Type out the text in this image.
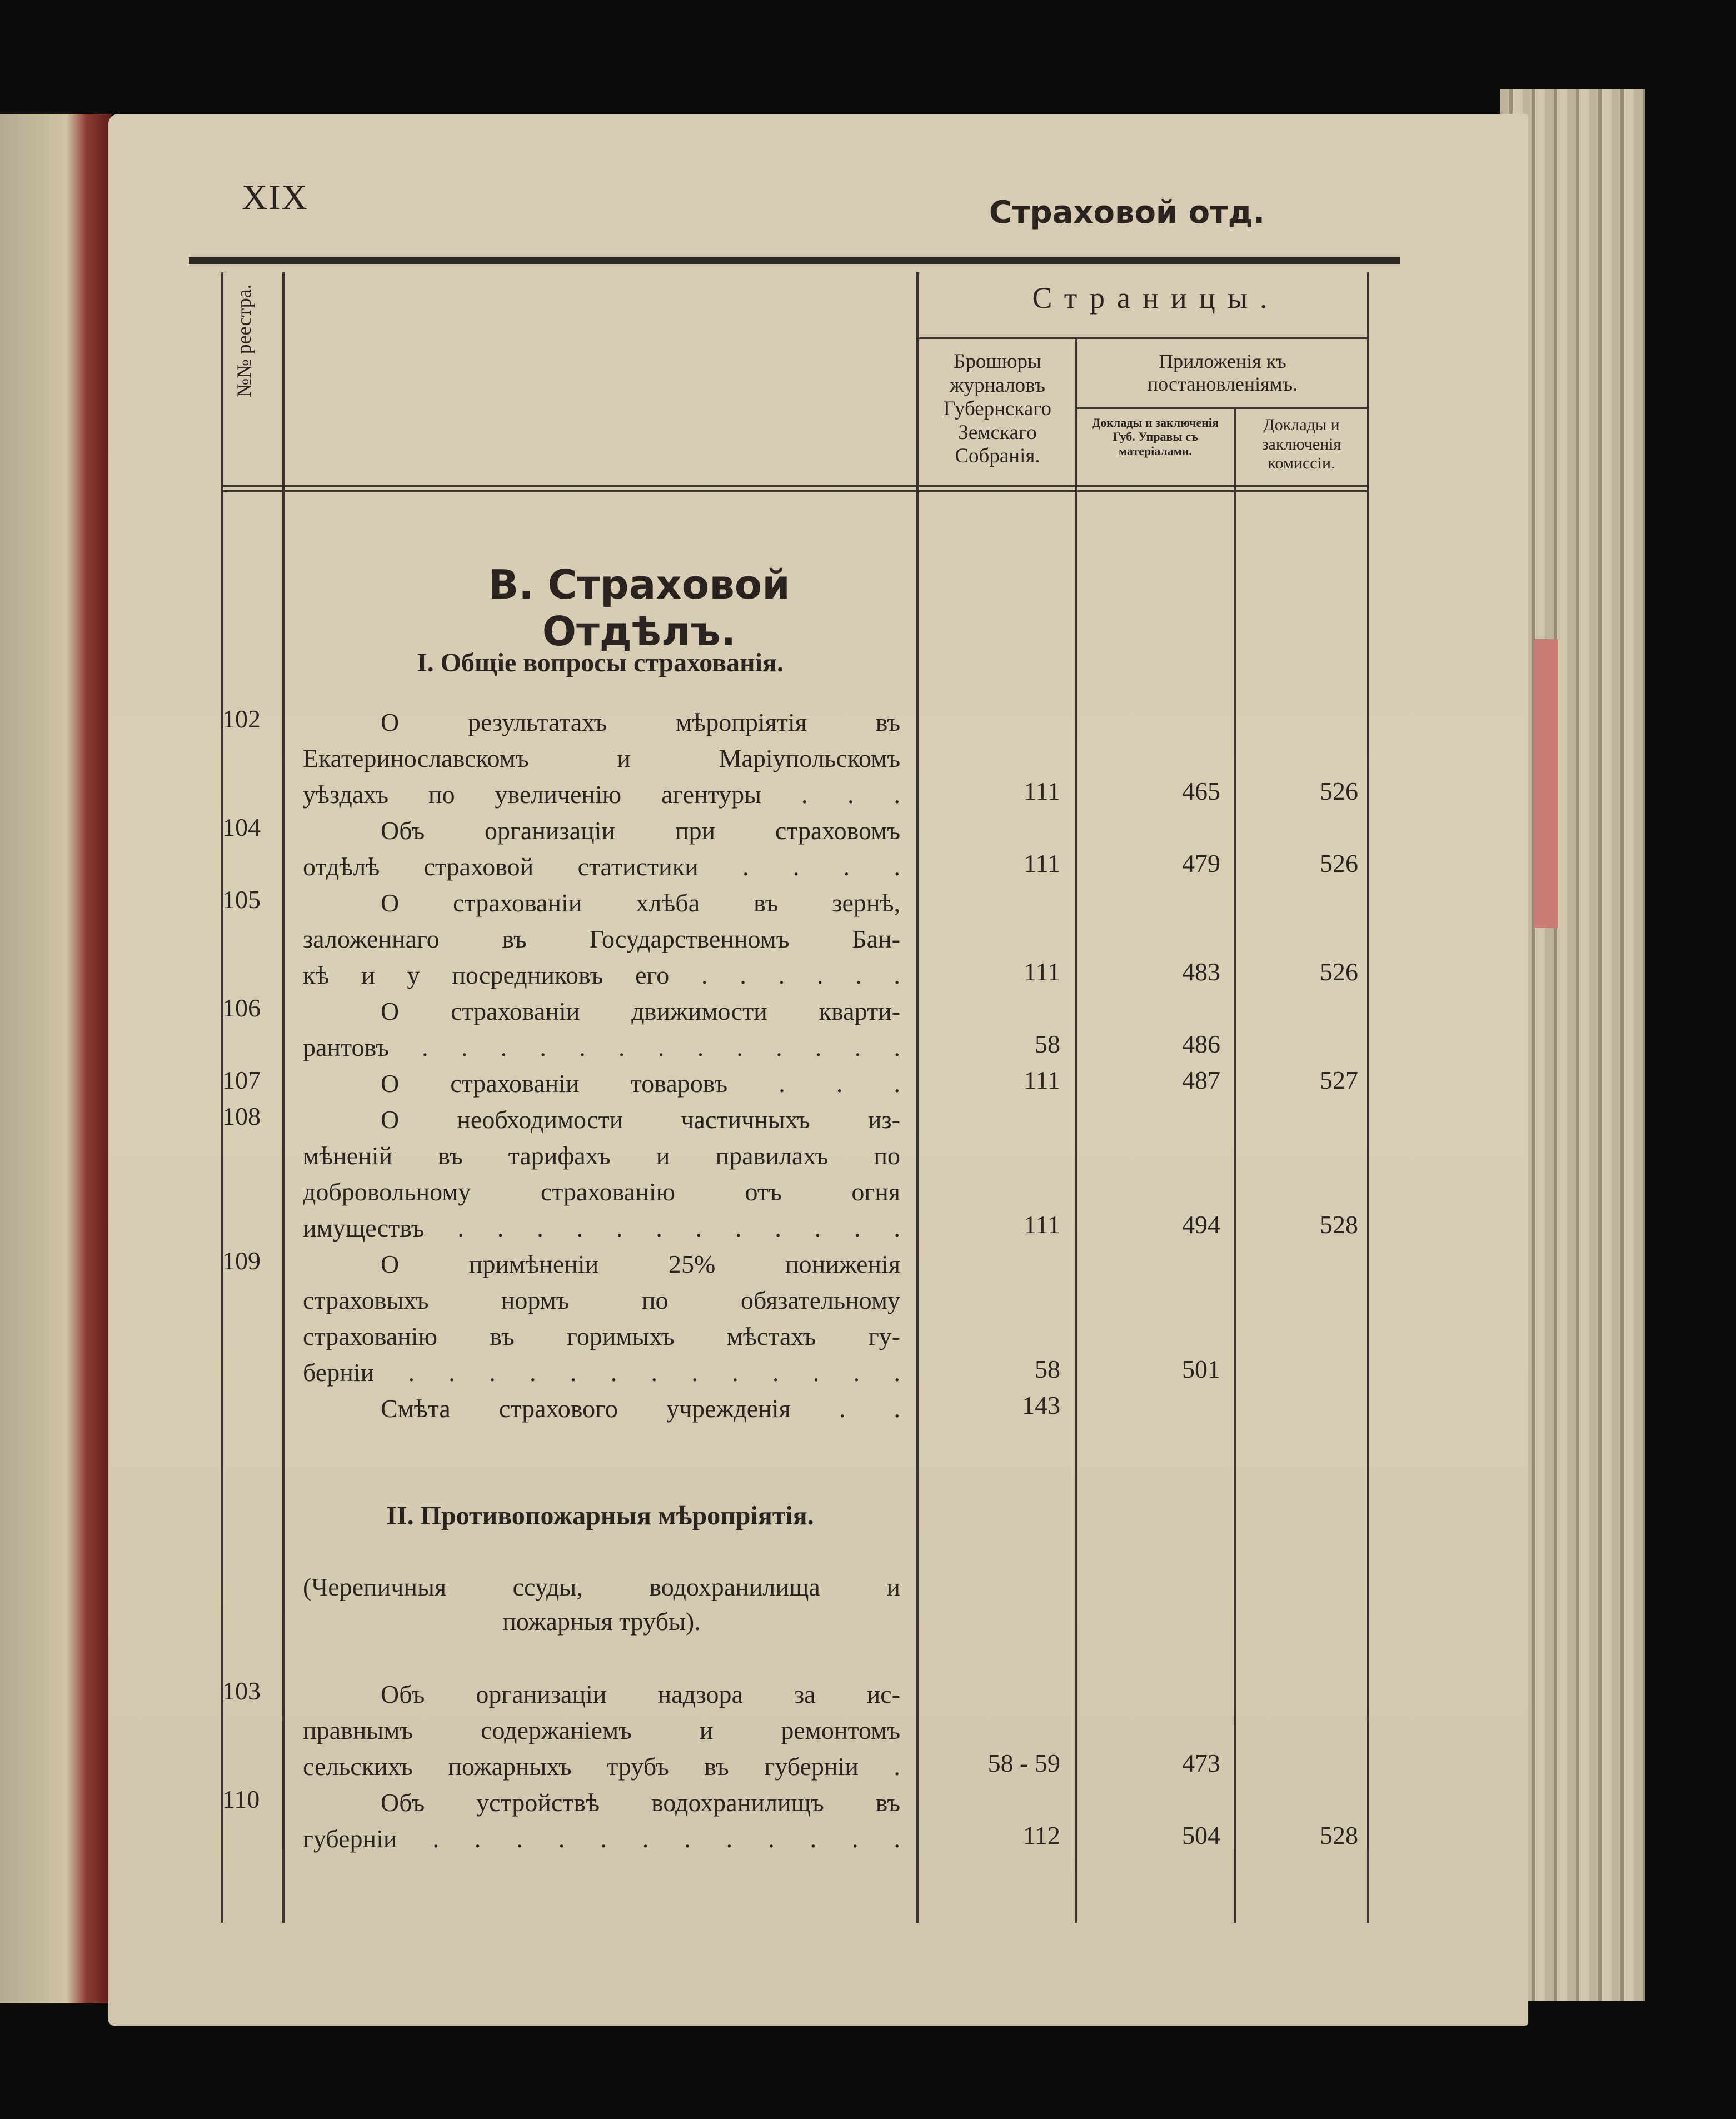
XIX	Страховой отд.
№№ реестра.	Страницы.
Брошюры журналовъ Губернскаго Земскаго Собранія.
Приложенія къ постановленіямъ.
Доклады и заключенія Губ. Управы съ матеріалами.
Доклады и заключенія комиссіи.
В. Страховой Отдѣлъ.
I. Общіе вопросы страхованія.
II. Противопожарныя мѣропріятія.
(Черепичныя ссуды, водохранилища и
пожарныя трубы).
102	О результатахъ мѣропріятія въ
Екатеринославскомъ и Маріупольскомъ
уѣздахъ по увеличенію агентуры . . .	111	465	526
104	Объ организаціи при страховомъ
отдѣлѣ страховой статистики . . . .	111	479	526
105	О страхованіи хлѣба въ зернѣ,
заложеннаго въ Государственномъ Бан-
кѣ и у посредниковъ его . . . . . .	111	483	526
106	О страхованіи движимости кварти-
рантовъ . . . . . . . . . . . . .	58	486
107	О страхованіи товаровъ . . .	111	487	527
108	О необходимости частичныхъ из-
мѣненій въ тарифахъ и правилахъ по
добровольному страхованію отъ огня
имуществъ . . . . . . . . . . . .	111	494	528
109	О примѣненіи 25% пониженія
страховыхъ нормъ по обязательному
страхованію въ горимыхъ мѣстахъ гу-
берніи . . . . . . . . . . . . .	58	501
Смѣта страхового учрежденія . .	143
103	Объ организаціи надзора за ис-
правнымъ содержаніемъ и ремонтомъ
сельскихъ пожарныхъ трубъ въ губерніи .	58 - 59	473
110	Объ устройствѣ водохранилищъ въ
губерніи . . . . . . . . . . . .	112	504	528
